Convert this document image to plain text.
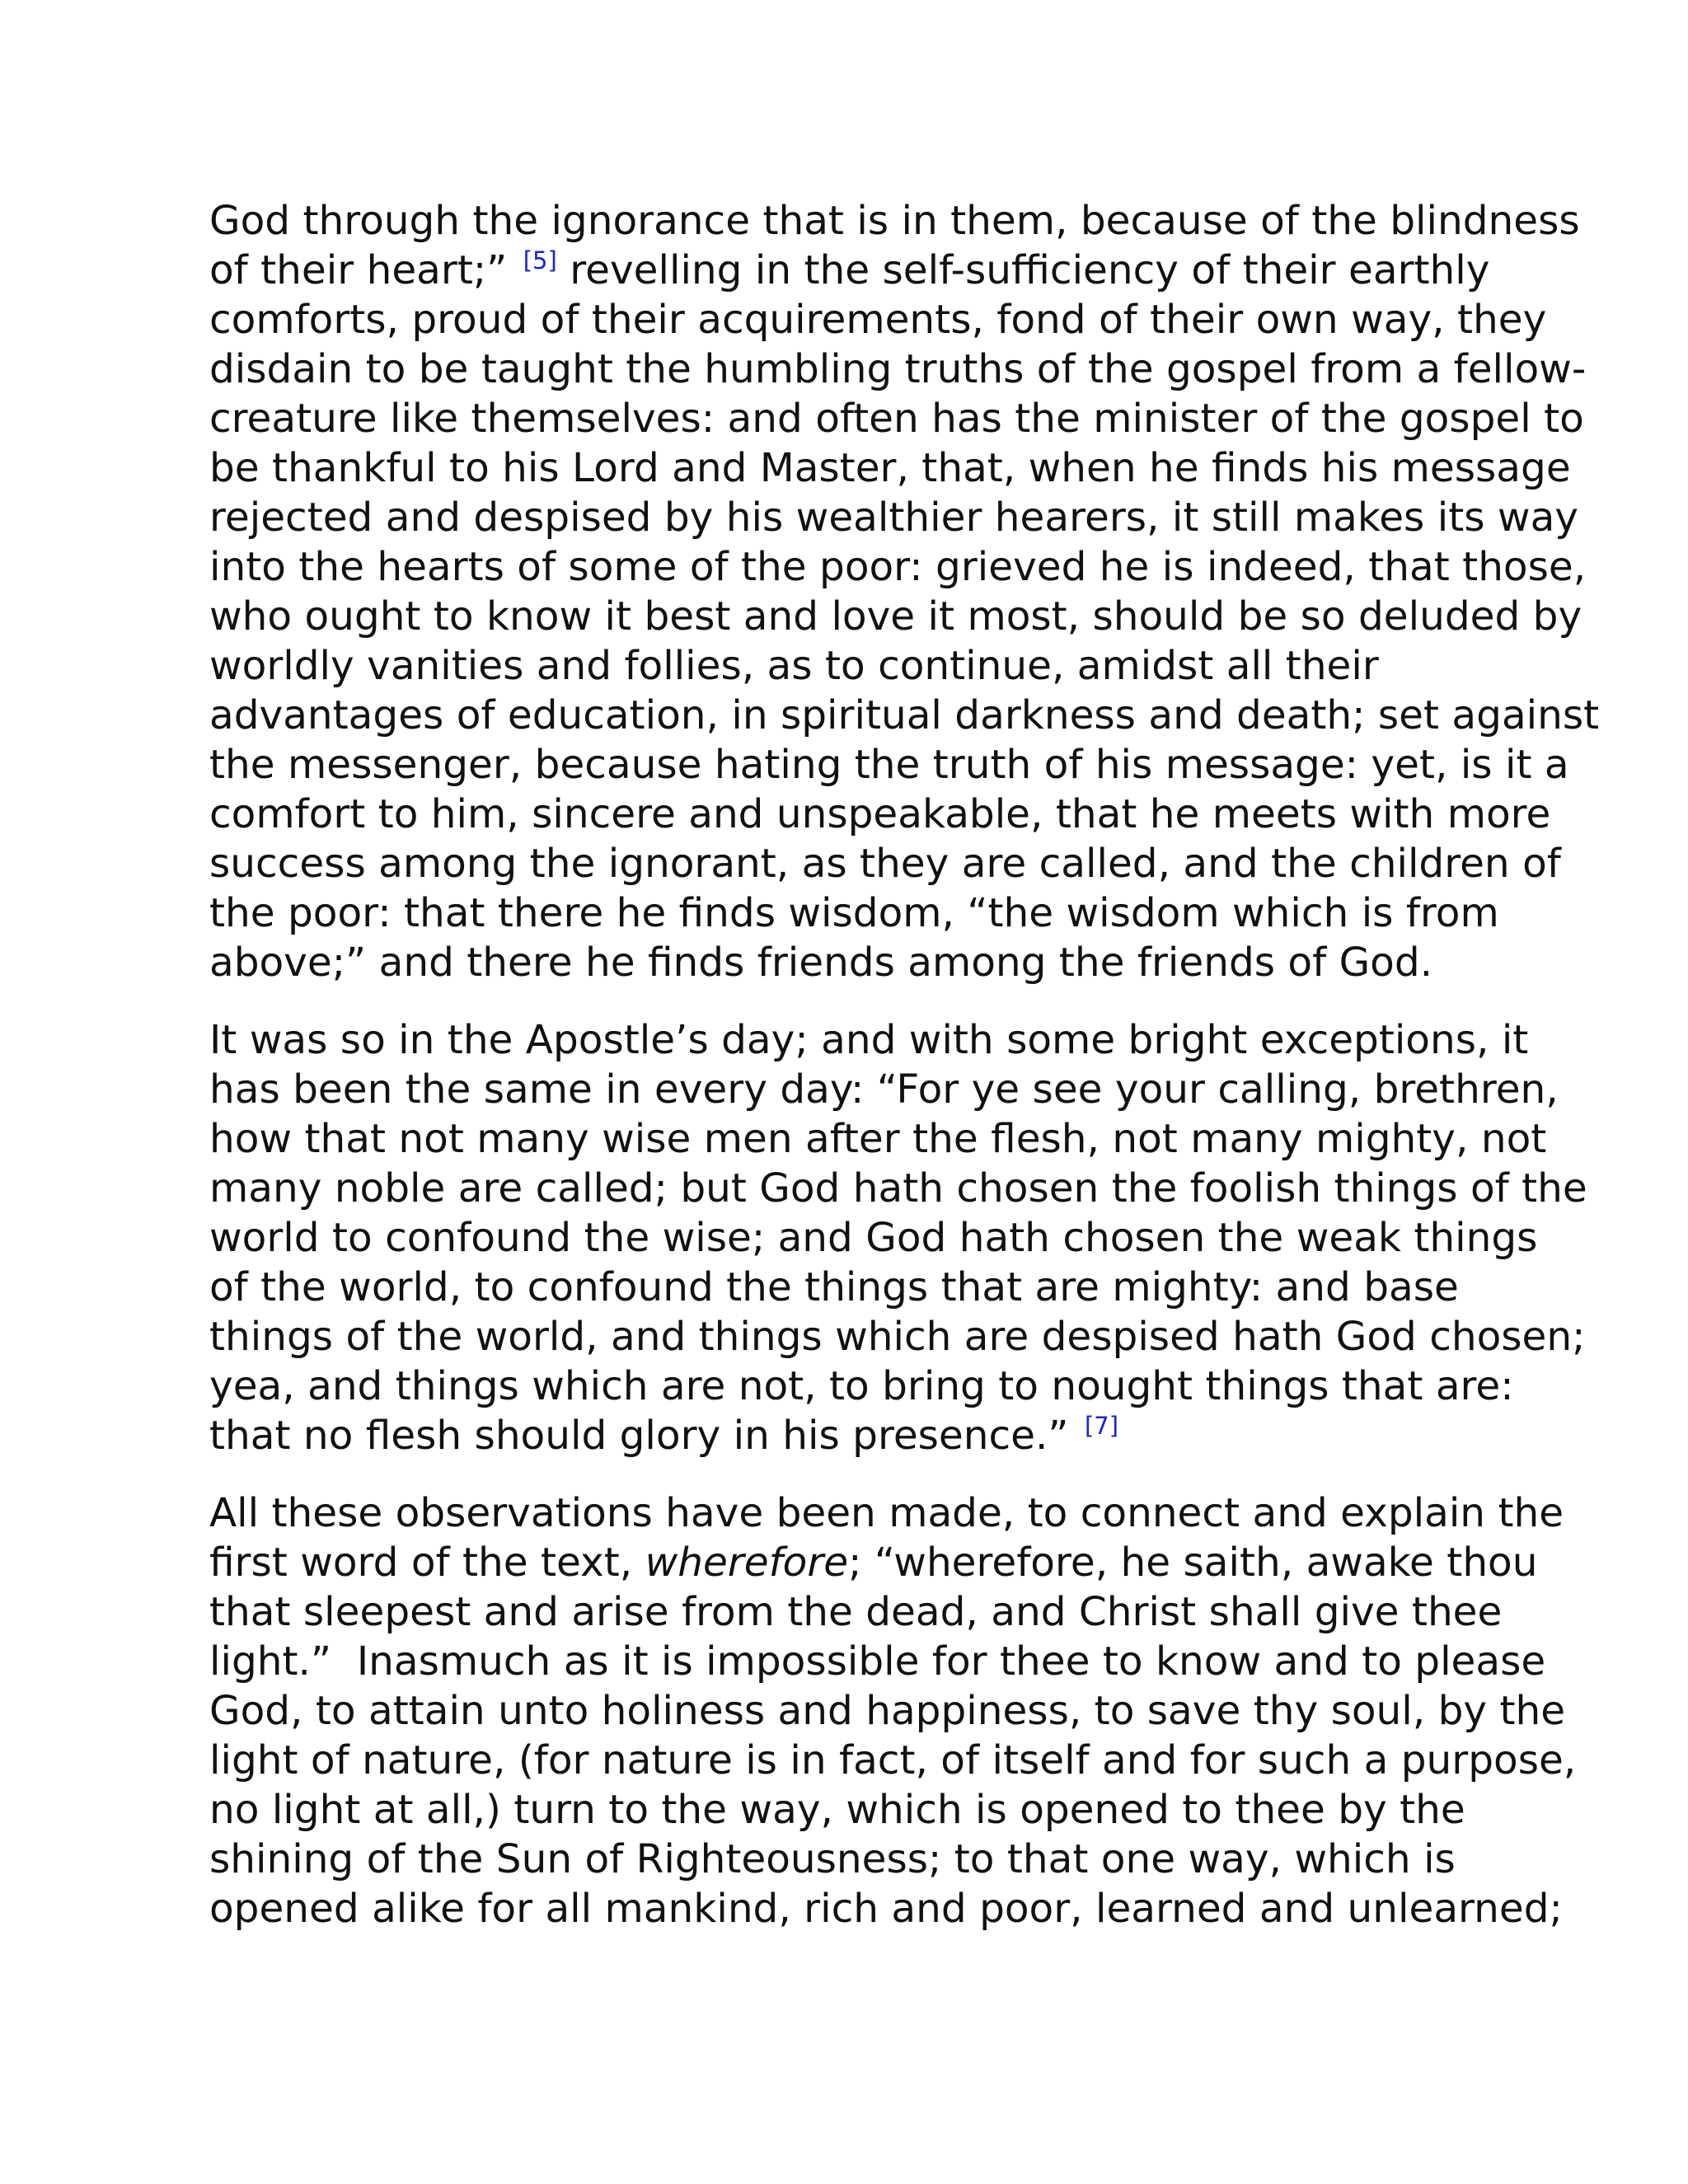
God through the ignorance that is in them, because of the blindness
of their heart;” [5] revelling in the self-sufficiency of their earthly
comforts, proud of their acquirements, fond of their own way, they
disdain to be taught the humbling truths of the gospel from a fellow-
creature like themselves: and often has the minister of the gospel to
be thankful to his Lord and Master, that, when he finds his message
rejected and despised by his wealthier hearers, it still makes its way
into the hearts of some of the poor: grieved he is indeed, that those,
who ought to know it best and love it most, should be so deluded by
worldly vanities and follies, as to continue, amidst all their
advantages of education, in spiritual darkness and death; set against
the messenger, because hating the truth of his message: yet, is it a
comfort to him, sincere and unspeakable, that he meets with more
success among the ignorant, as they are called, and the children of
the poor: that there he finds wisdom, “the wisdom which is from
above;” and there he finds friends among the friends of God.

It was so in the Apostle’s day; and with some bright exceptions, it
has been the same in every day: “For ye see your calling, brethren,
how that not many wise men after the flesh, not many mighty, not
many noble are called; but God hath chosen the foolish things of the
world to confound the wise; and God hath chosen the weak things
of the world, to confound the things that are mighty: and base
things of the world, and things which are despised hath God chosen;
yea, and things which are not, to bring to nought things that are:
that no flesh should glory in his presence.” [7]

All these observations have been made, to connect and explain the
first word of the text, wherefore; “wherefore, he saith, awake thou
that sleepest and arise from the dead, and Christ shall give thee
light.”  Inasmuch as it is impossible for thee to know and to please
God, to attain unto holiness and happiness, to save thy soul, by the
light of nature, (for nature is in fact, of itself and for such a purpose,
no light at all,) turn to the way, which is opened to thee by the
shining of the Sun of Righteousness; to that one way, which is
opened alike for all mankind, rich and poor, learned and unlearned;
